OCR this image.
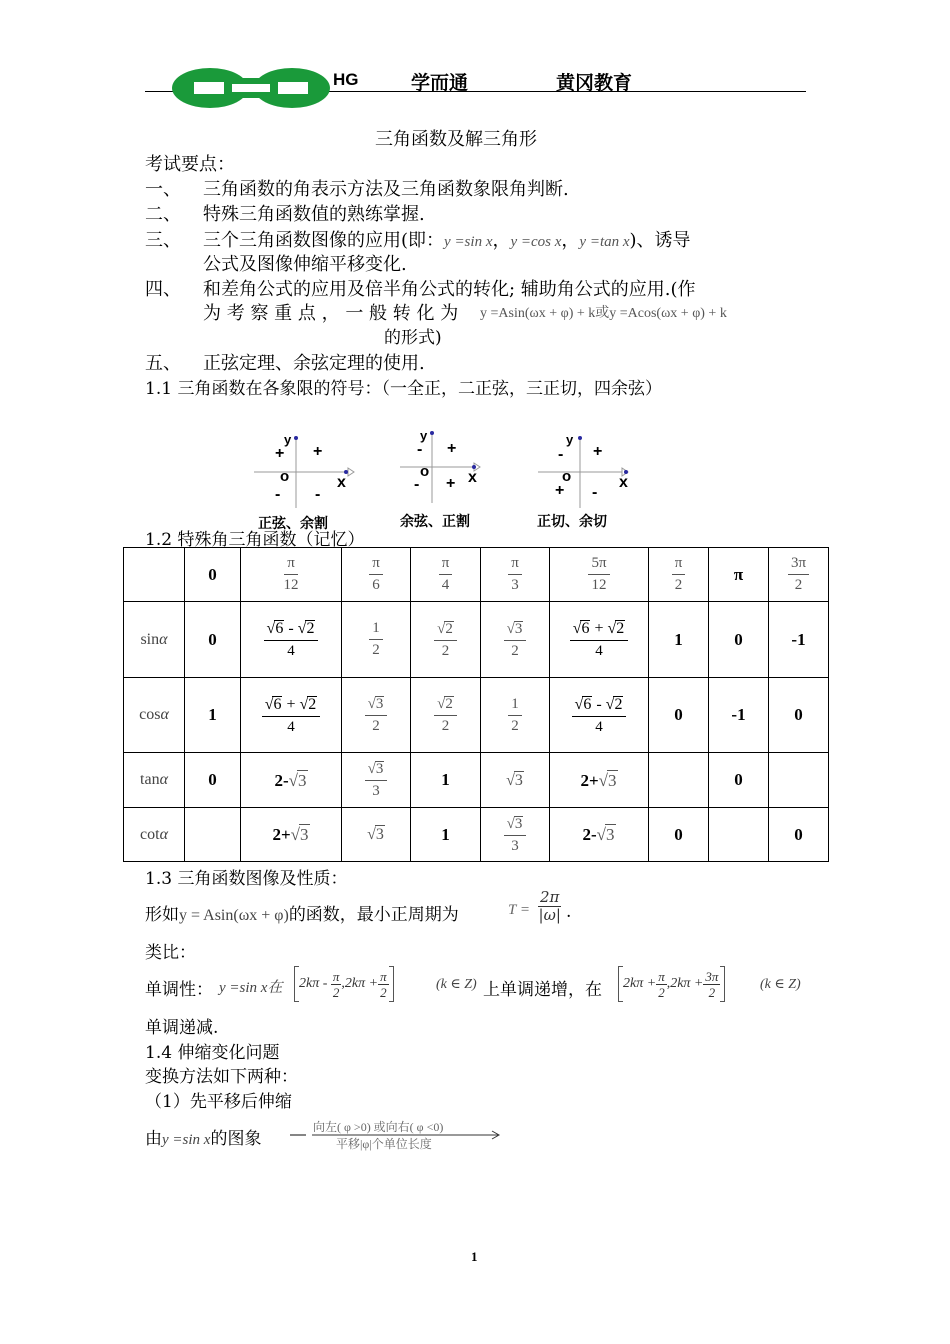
HG	学而通	黄冈教育
三角函数及解三角形
考试要点：
一、 三角函数的角表示方法及三角函数象限角判断.
二、 特殊三角函数值的熟练掌握.
三、 三个三角函数图像的应用(即：y =sin x，y =cos x，y =tan x)、诱导
公式及图像伸缩平移变化.
四、 和差角公式的应用及倍半角公式的转化; 辅助角公式的应用.(作
为 考 察 重 点 ， 一 般 转 化 为 y =Asin(ωx + φ) + k或y =Acos(ωx + φ) + k
的形式)
五、 正弦定理、余弦定理的使用.
1.1 三角函数在各象限的符号：（一全正，二正弦，三正切，四余弦）
y
o	x
+
+
- -
正弦、余割
y
o x
+
-
- +
余弦、正割
y
o	x
+
-
+ -
正切、余切
1.2 特殊角三角函数（记忆）
	0	$\frac{\pi}{12}$	$\frac{\pi}{6}$	$\frac{\pi}{4}$	$\frac{\pi}{3}$	$\frac{5\pi}{12}$	$\frac{\pi}{2}$	π	$\frac{3\pi}{2}$

sinα	0	$\frac{√6 - √2}{4}$	$\frac{1}{2}$	$\frac{√2}{2}$	$\frac{√3}{2}$	$\frac{√6 + √2}{4}$	1	0	-1
cosα	1	$\frac{√6 + √2}{4}$	$\frac{√3}{2}$	$\frac{√2}{2}$	$\frac{1}{2}$	$\frac{√6 - √2}{4}$	0	-1	0
tanα	0	2-√3	$\frac{√3}{3}$	1	√3	2+√3		0	
cotα		2+√3	√3	1	$\frac{√3}{3}$	2-√3	0		0
1.3 三角函数图像及性质：
形如y = Asin(ωx + φ)的函数，最小正周期为	$T = \frac{2\pi}{|\omega|}$ .
类比：
单调性： y =sin x在	$2k\pi - \frac{\pi}{2} ,2k\pi + \frac{\pi}{2}$	(k ∈ Z) 上单调递增，在	$2k\pi + \frac{\pi}{2} ,2k\pi + \frac{3\pi}{2}$	(k ∈ Z)
单调递减.
1.4 伸缩变化问题
变换方法如下两种：
（1）先平移后伸缩
由y =sin x的图象
向左( φ >0) 或向右( φ <0)
平移|φ|个单位长度
1
